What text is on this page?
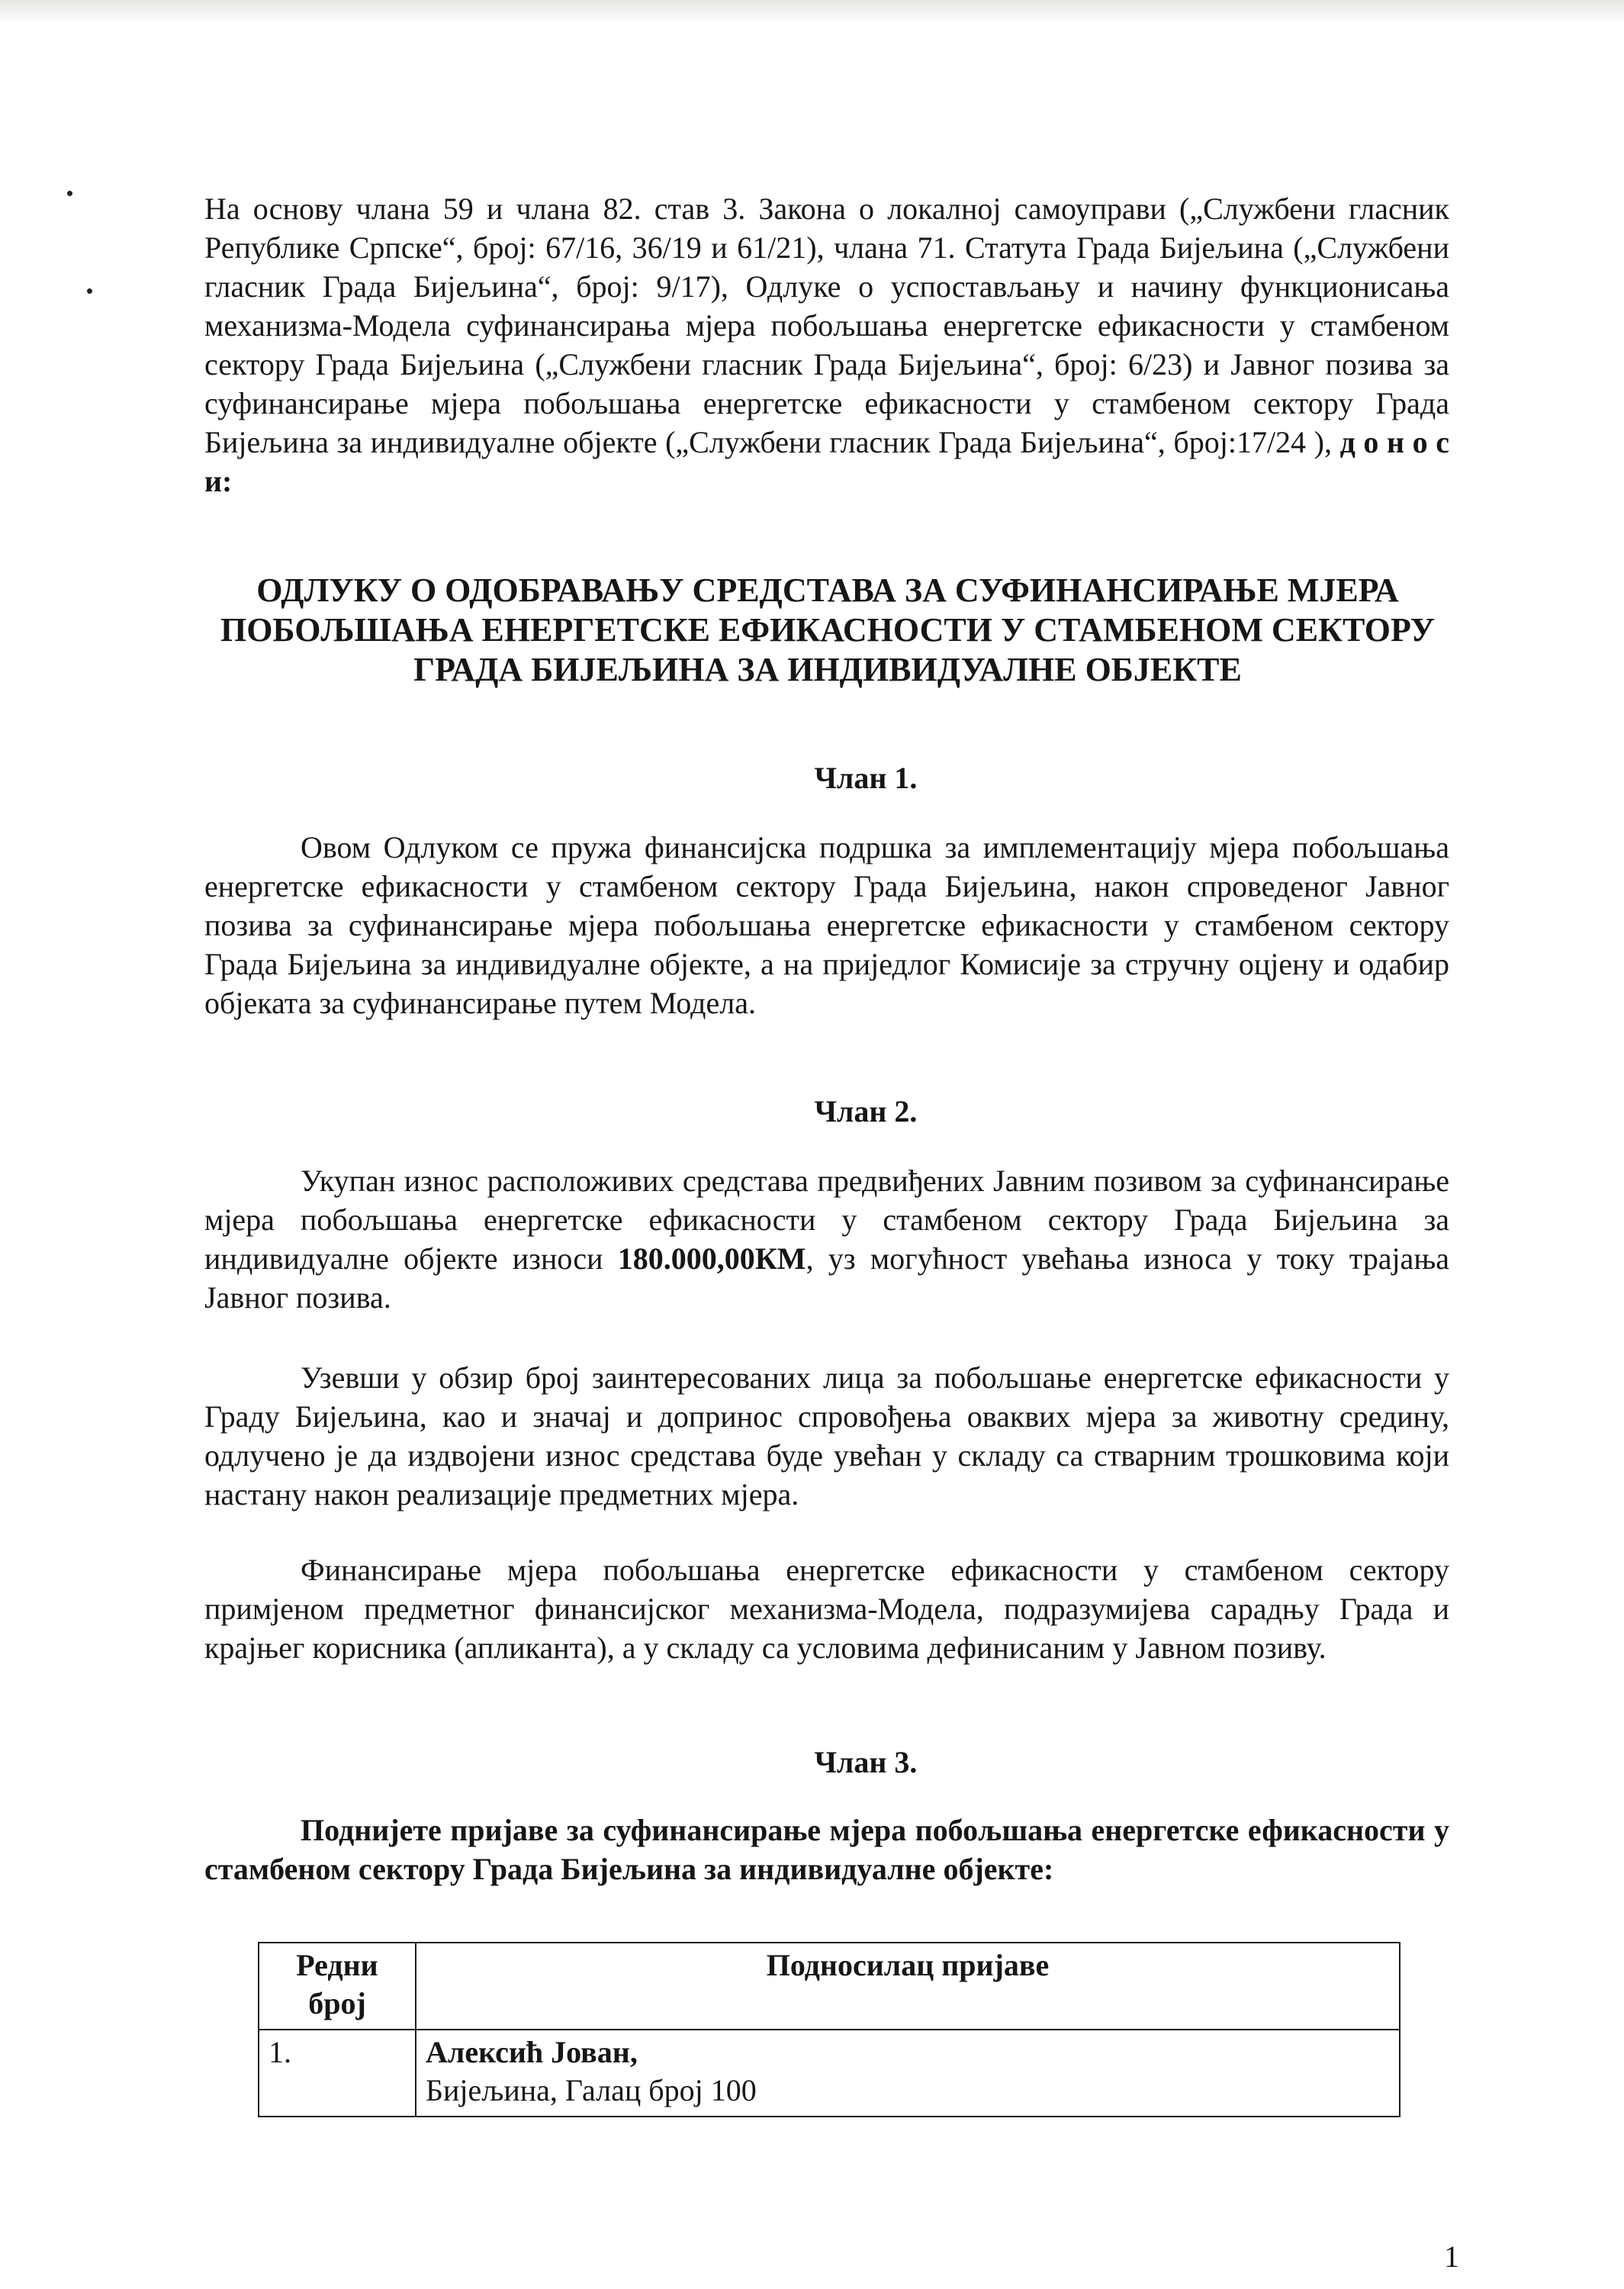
На основу члана 59 и члана 82. став 3. Закона о локалној самоуправи („Службени гласник Републике Српске“, број: 67/16, 36/19 и 61/21), члана 71. Статута Града Бијељина („Службени гласник Града Бијељина“, број: 9/17), Одлуке о успостављању и начину функционисања механизма-Модела суфинансирања мјера побољшања енергетске ефикасности у стамбеном сектору Града Бијељина („Службени гласник Града Бијељина“, број: 6/23) и Јавног позива за суфинансирање мјера побољшања енергетске ефикасности у стамбеном сектору Града Бијељина за индивидуалне објекте („Службени гласник Града Бијељина“, број:17/24 ), д о н о с и:

ОДЛУКУ О ОДОБРАВАЊУ СРЕДСТАВА ЗА СУФИНАНСИРАЊЕ МЈЕРА ПОБОЉШАЊА ЕНЕРГЕТСКЕ ЕФИКАСНОСТИ У СТАМБЕНОМ СЕКТОРУ ГРАДА БИЈЕЉИНА ЗА ИНДИВИДУАЛНЕ ОБЈЕКТЕ
Члан 1.

Овом Одлуком се пружа финансијска подршка за имплементацију мјера побољшања енергетске ефикасности у стамбеном сектору Града Бијељина, након спроведеног Јавног позива за суфинансирање мјера побољшања енергетске ефикасности у стамбеном сектору Града Бијељина за индивидуалне објекте, а на приједлог Комисије за стручну оцјену и одабир објеката за суфинансирање путем Модела.

Члан 2.

Укупан износ расположивих средстава предвиђених Јавним позивом за суфинансирање мјера побољшања енергетске ефикасности у стамбеном сектору Града Бијељина за индивидуалне објекте износи 180.000,00КМ, уз могућност увећања износа у току трајања Јавног позива.

Узевши у обзир број заинтересованих лица за побољшање енергетске ефикасности у Граду Бијељина, као и значај и допринос спровођења оваквих мјера за животну средину, одлучено је да издвојени износ средстава буде увећан у складу са стварним трошковима који настану након реализације предметних мјера.

Финансирање мјера побољшања енергетске ефикасности у стамбеном сектору примјеном предметног финансијског механизма-Модела, подразумијева сарадњу Града и крајњег корисника (апликанта), а у складу са условима дефинисаним у Јавном позиву.

Члан 3.

Поднијете пријаве за суфинансирање мјера побољшања енергетске ефикасности у стамбеном сектору Града Бијељина за индивидуалне објекте:

Редни број	Подносилац пријаве
1.	Алексић Јован,
Бијељина, Галац број 100
1
